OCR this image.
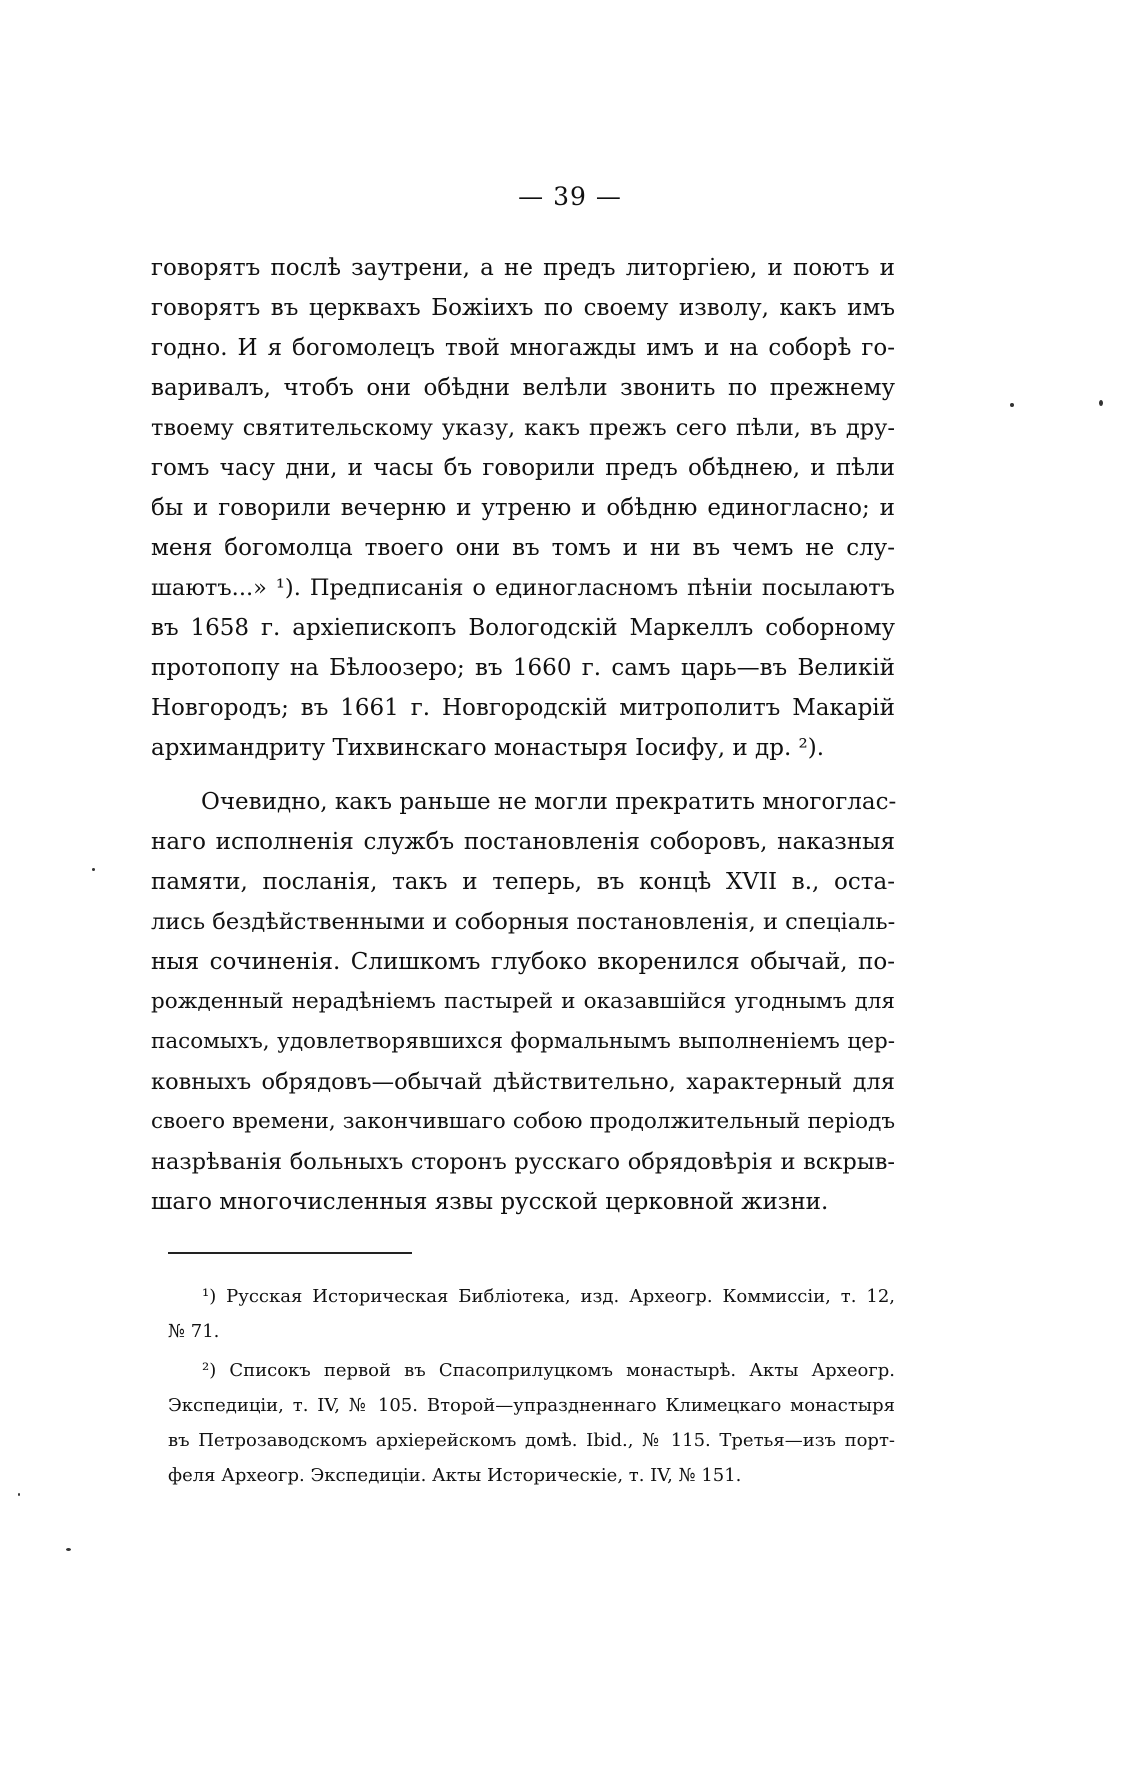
— 39 —
говорятъ послѣ заутрени, а не предъ литоргіею, и поютъ и
говорятъ въ церквахъ Божіихъ по своему изволу, какъ имъ
годно. И я богомолецъ твой многажды имъ и на соборѣ го-
варивалъ, чтобъ они обѣдни велѣли звонить по прежнему
твоему святительскому указу, какъ прежъ сего пѣли, въ дру-
гомъ часу дни, и часы бъ говорили предъ обѣднею, и пѣли
бы и говорили вечерню и утреню и обѣдню единогласно; и
меня богомолца твоего они въ томъ и ни въ чемъ не слу-
шаютъ...» ¹). Предписанія о единогласномъ пѣніи посылаютъ
въ 1658 г. архіепископъ Вологодскій Маркеллъ соборному
протопопу на Бѣлоозеро; въ 1660 г. самъ царь—въ Великій
Новгородъ; въ 1661 г. Новгородскій митрополитъ Макарій
архимандриту Тихвинскаго монастыря Іосифу, и др. ²).
Очевидно, какъ раньше не могли прекратить многоглас-
наго исполненія службъ постановленія соборовъ, наказныя
памяти, посланія, такъ и теперь, въ концѣ XVII в., оста-
лись бездѣйственными и соборныя постановленія, и спеціаль-
ныя сочиненія. Слишкомъ глубоко вкоренился обычай, по-
рожденный нерадѣніемъ пастырей и оказавшійся угоднымъ для
пасомыхъ, удовлетворявшихся формальнымъ выполненіемъ цер-
ковныхъ обрядовъ—обычай дѣйствительно, характерный для
своего времени, закончившаго собою продолжительный періодъ
назрѣванія больныхъ сторонъ русскаго обрядовѣрія и вскрыв-
шаго многочисленныя язвы русской церковной жизни.
¹) Русская Историческая Библіотека, изд. Археогр. Коммиссіи, т. 12,
№ 71.
²) Списокъ первой въ Спасоприлуцкомъ монастырѣ. Акты Археогр.
Экспедиціи, т. IV, № 105. Второй—упраздненнаго Климецкаго монастыря
въ Петрозаводскомъ архіерейскомъ домѣ. Ibid., № 115. Третья—изъ порт-
феля Археогр. Экспедиціи. Акты Историческіе, т. IV, № 151.
